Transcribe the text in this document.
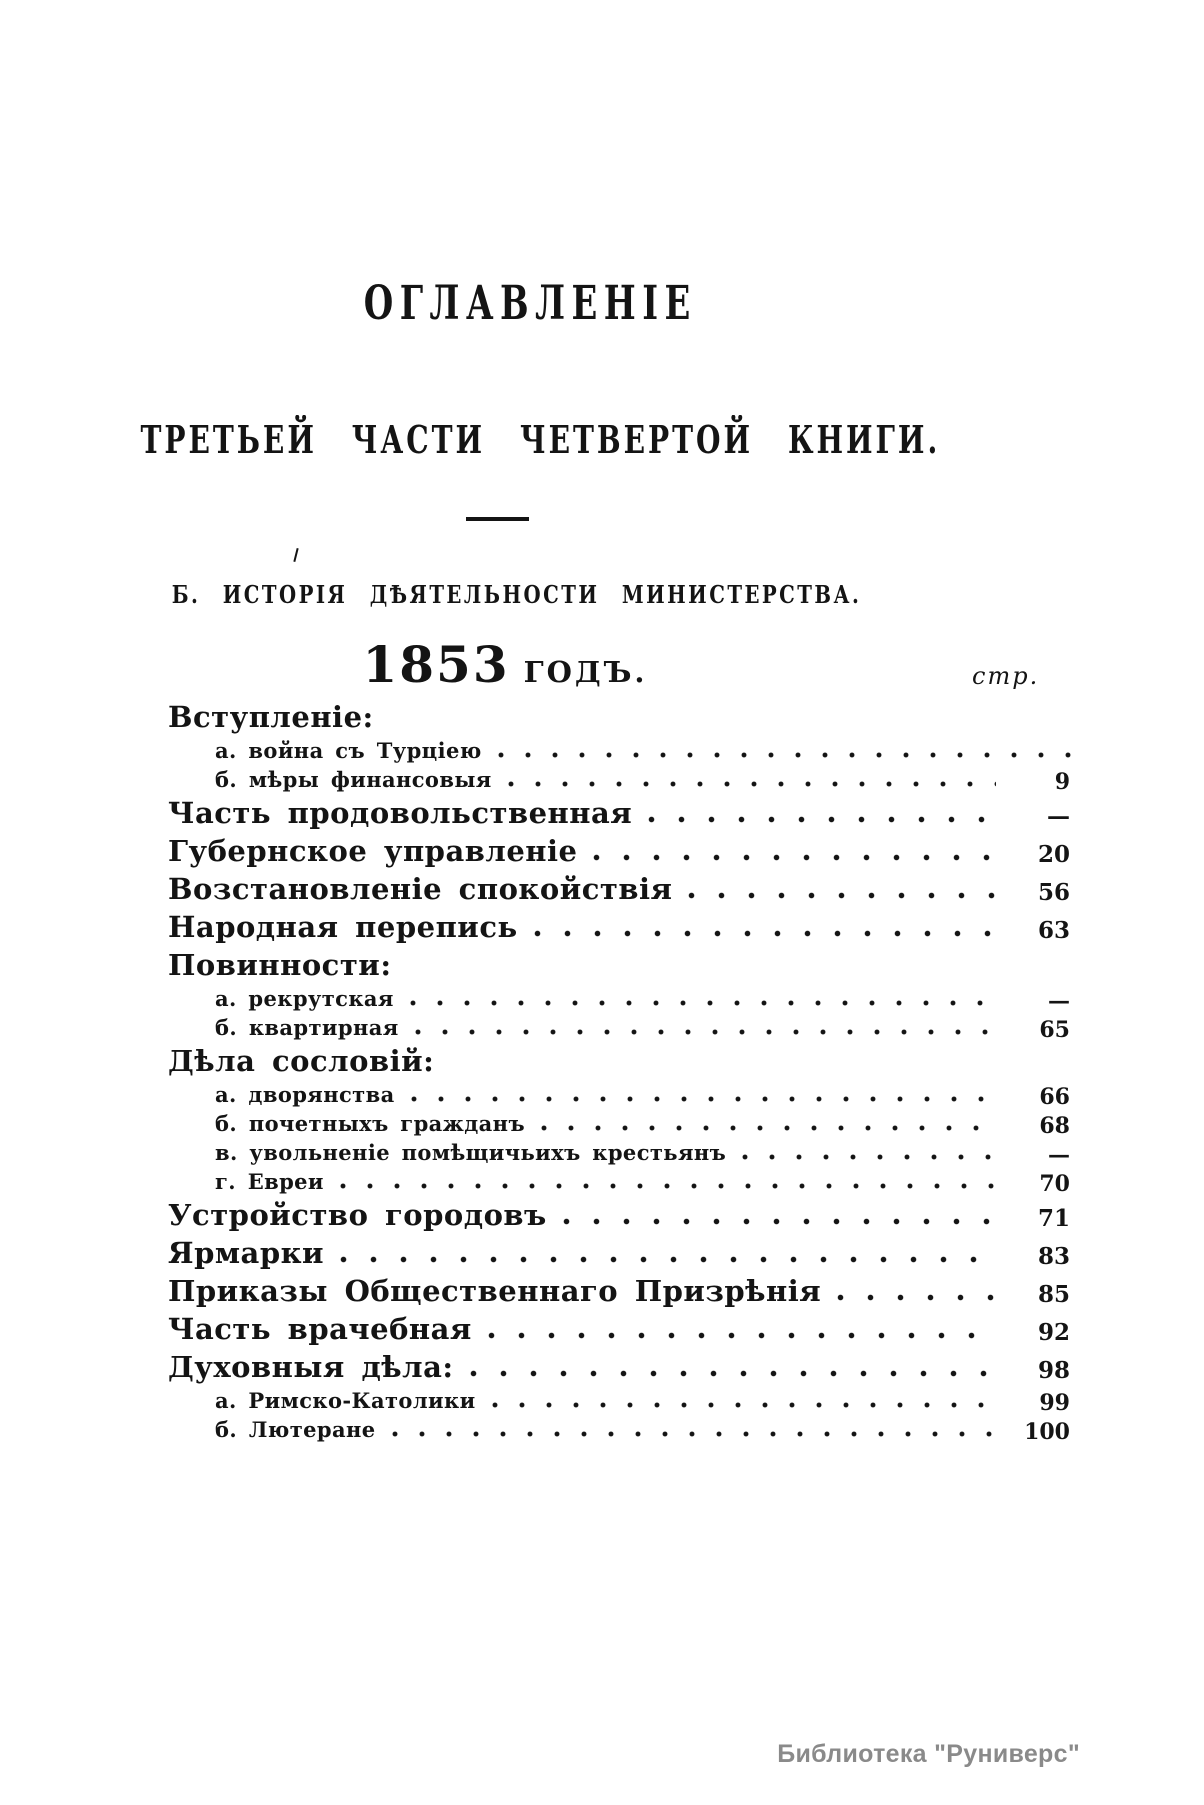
ОГЛАВЛЕНІЕ
ТРЕТЬЕЙ ЧАСТИ ЧЕТВЕРТОЙ КНИГИ.
Б. ИСТОРІЯ ДѢЯТЕЛЬНОСТИ МИНИСТЕРСТВА.
1853 ГОДЪ.	стр.
Вступленіе:
а. война съ Турціею
б. мѣры финансовыя	9
Часть продовольственная	—
Губернское управленіе	20
Возстановленіе спокойствія	56
Народная перепись	63
Повинности:
а. рекрутская	—
б. квартирная	65
Дѣла сословій:
а. дворянства	66
б. почетныхъ гражданъ	68
в. увольненіе помѣщичьихъ крестьянъ	—
г. Евреи	70
Устройство городовъ	71
Ярмарки	83
Приказы Общественнаго Призрѣнія	85
Часть врачебная	92
Духовныя дѣла:	98
а. Римско-Католики	99
б. Лютеране	100
Библиотека "Руниверс"
